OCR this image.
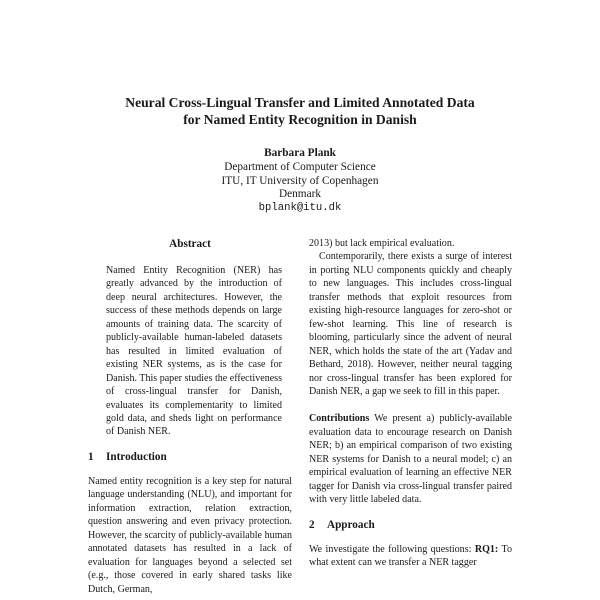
Neural Cross-Lingual Transfer and Limited Annotated Data
for Named Entity Recognition in Danish
Barbara Plank
Department of Computer Science
ITU, IT University of Copenhagen
Denmark
bplank@itu.dk
Abstract

Named Entity Recognition (NER) has greatly advanced by the introduction of deep neural architectures. However, the success of these methods depends on large amounts of training data. The scarcity of publicly-available human-labeled datasets has resulted in limited evaluation of existing NER systems, as is the case for Danish. This paper studies the effectiveness of cross-lingual transfer for Danish, evaluates its complementarity to limited gold data, and sheds light on performance of Danish NER.

1 Introduction

Named entity recognition is a key step for natural language understanding (NLU), and important for information extraction, relation extraction, question answering and even privacy protection. However, the scarcity of publicly-available human annotated datasets has resulted in a lack of evaluation for languages beyond a selected set (e.g., those covered in early shared tasks like Dutch, German,

2013) but lack empirical evaluation.

Contemporarily, there exists a surge of interest in porting NLU components quickly and cheaply to new languages. This includes cross-lingual transfer methods that exploit resources from existing high-resource languages for zero-shot or few-shot learning. This line of research is blooming, particularly since the advent of neural NER, which holds the state of the art (Yadav and Bethard, 2018). However, neither neural tagging nor cross-lingual transfer has been explored for Danish NER, a gap we seek to fill in this paper.

Contributions We present a) publicly-available evaluation data to encourage research on Danish NER; b) an empirical comparison of two existing NER systems for Danish to a neural model; c) an empirical evaluation of learning an effective NER tagger for Danish via cross-lingual transfer paired with very little labeled data.

2 Approach

We investigate the following questions: RQ1: To what extent can we transfer a NER tagger
